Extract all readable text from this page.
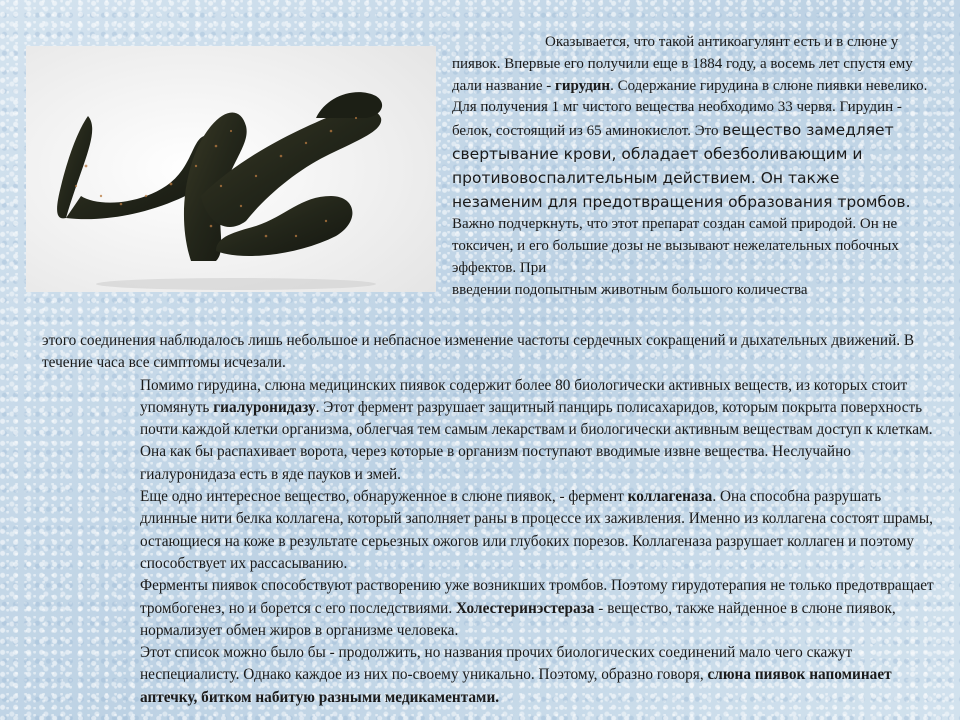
Оказывается, что такой антикоагулянт есть и в слюне у пиявок. Впервые его получили еще в 1884 году, а восемь лет спустя ему дали название - гирудин. Содержание гирудина в слюне пиявки невелико. Для получения 1 мг чистого вещества необходимо 33 червя. Гирудин - белок, состоящий из 65 аминокислот. Это вещество замедляет свертывание крови, обладает обезболивающим и противовоспалительным действием. Он также незаменим для предотвращения образования тромбов. Важно подчеркнуть, что этот препарат создан самой природой. Он не токсичен, и его большие дозы не вызывают нежелательных побочных эффектов. При
введении подопытным животным большого количества

этого соединения наблюдалось лишь небольшое и небпасное изменение частоты сердечных сокращений и дыхательных движений. В течение часа все симптомы исчезали.

Помимо гирудина, слюна медицинских пиявок содержит более 80 биологически активных веществ, из которых стоит упомянуть гиалуронидазу. Этот фермент разрушает защитный панцирь полисахаридов, которым покрыта поверхность почти каждой клетки организма, облегчая тем самым лекарствам и биологически активным веществам доступ к клеткам. Она как бы распахивает ворота, через которые в организм поступают вводимые извне вещества. Неслучайно гиалуронидаза есть в яде пауков и змей.

Еще одно интересное вещество, обнаруженное в слюне пиявок, - фермент коллагеназа. Она способна разрушать длинные нити белка коллагена, который заполняет раны в процессе их заживления. Именно из коллагена состоят шрамы, остающиеся на коже в результате серьезных ожогов или глубоких порезов. Коллагеназа разрушает коллаген и поэтому способствует их рассасыванию.

Ферменты пиявок способствуют растворению уже возникших тромбов. Поэтому гирудотерапия не только предотвращает тромбогенез, но и борется с его последствиями. Холестеринэстераза - вещество, также найденное в слюне пиявок, нормализует обмен жиров в организме человека.

Этот список можно было бы - продолжить, но названия прочих биологических соединений мало чего скажут неспециалисту. Однако каждое из них по-своему уникально. Поэтому, образно говоря, слюна пиявок напоминает аптечку, битком набитую разными медикаментами.
